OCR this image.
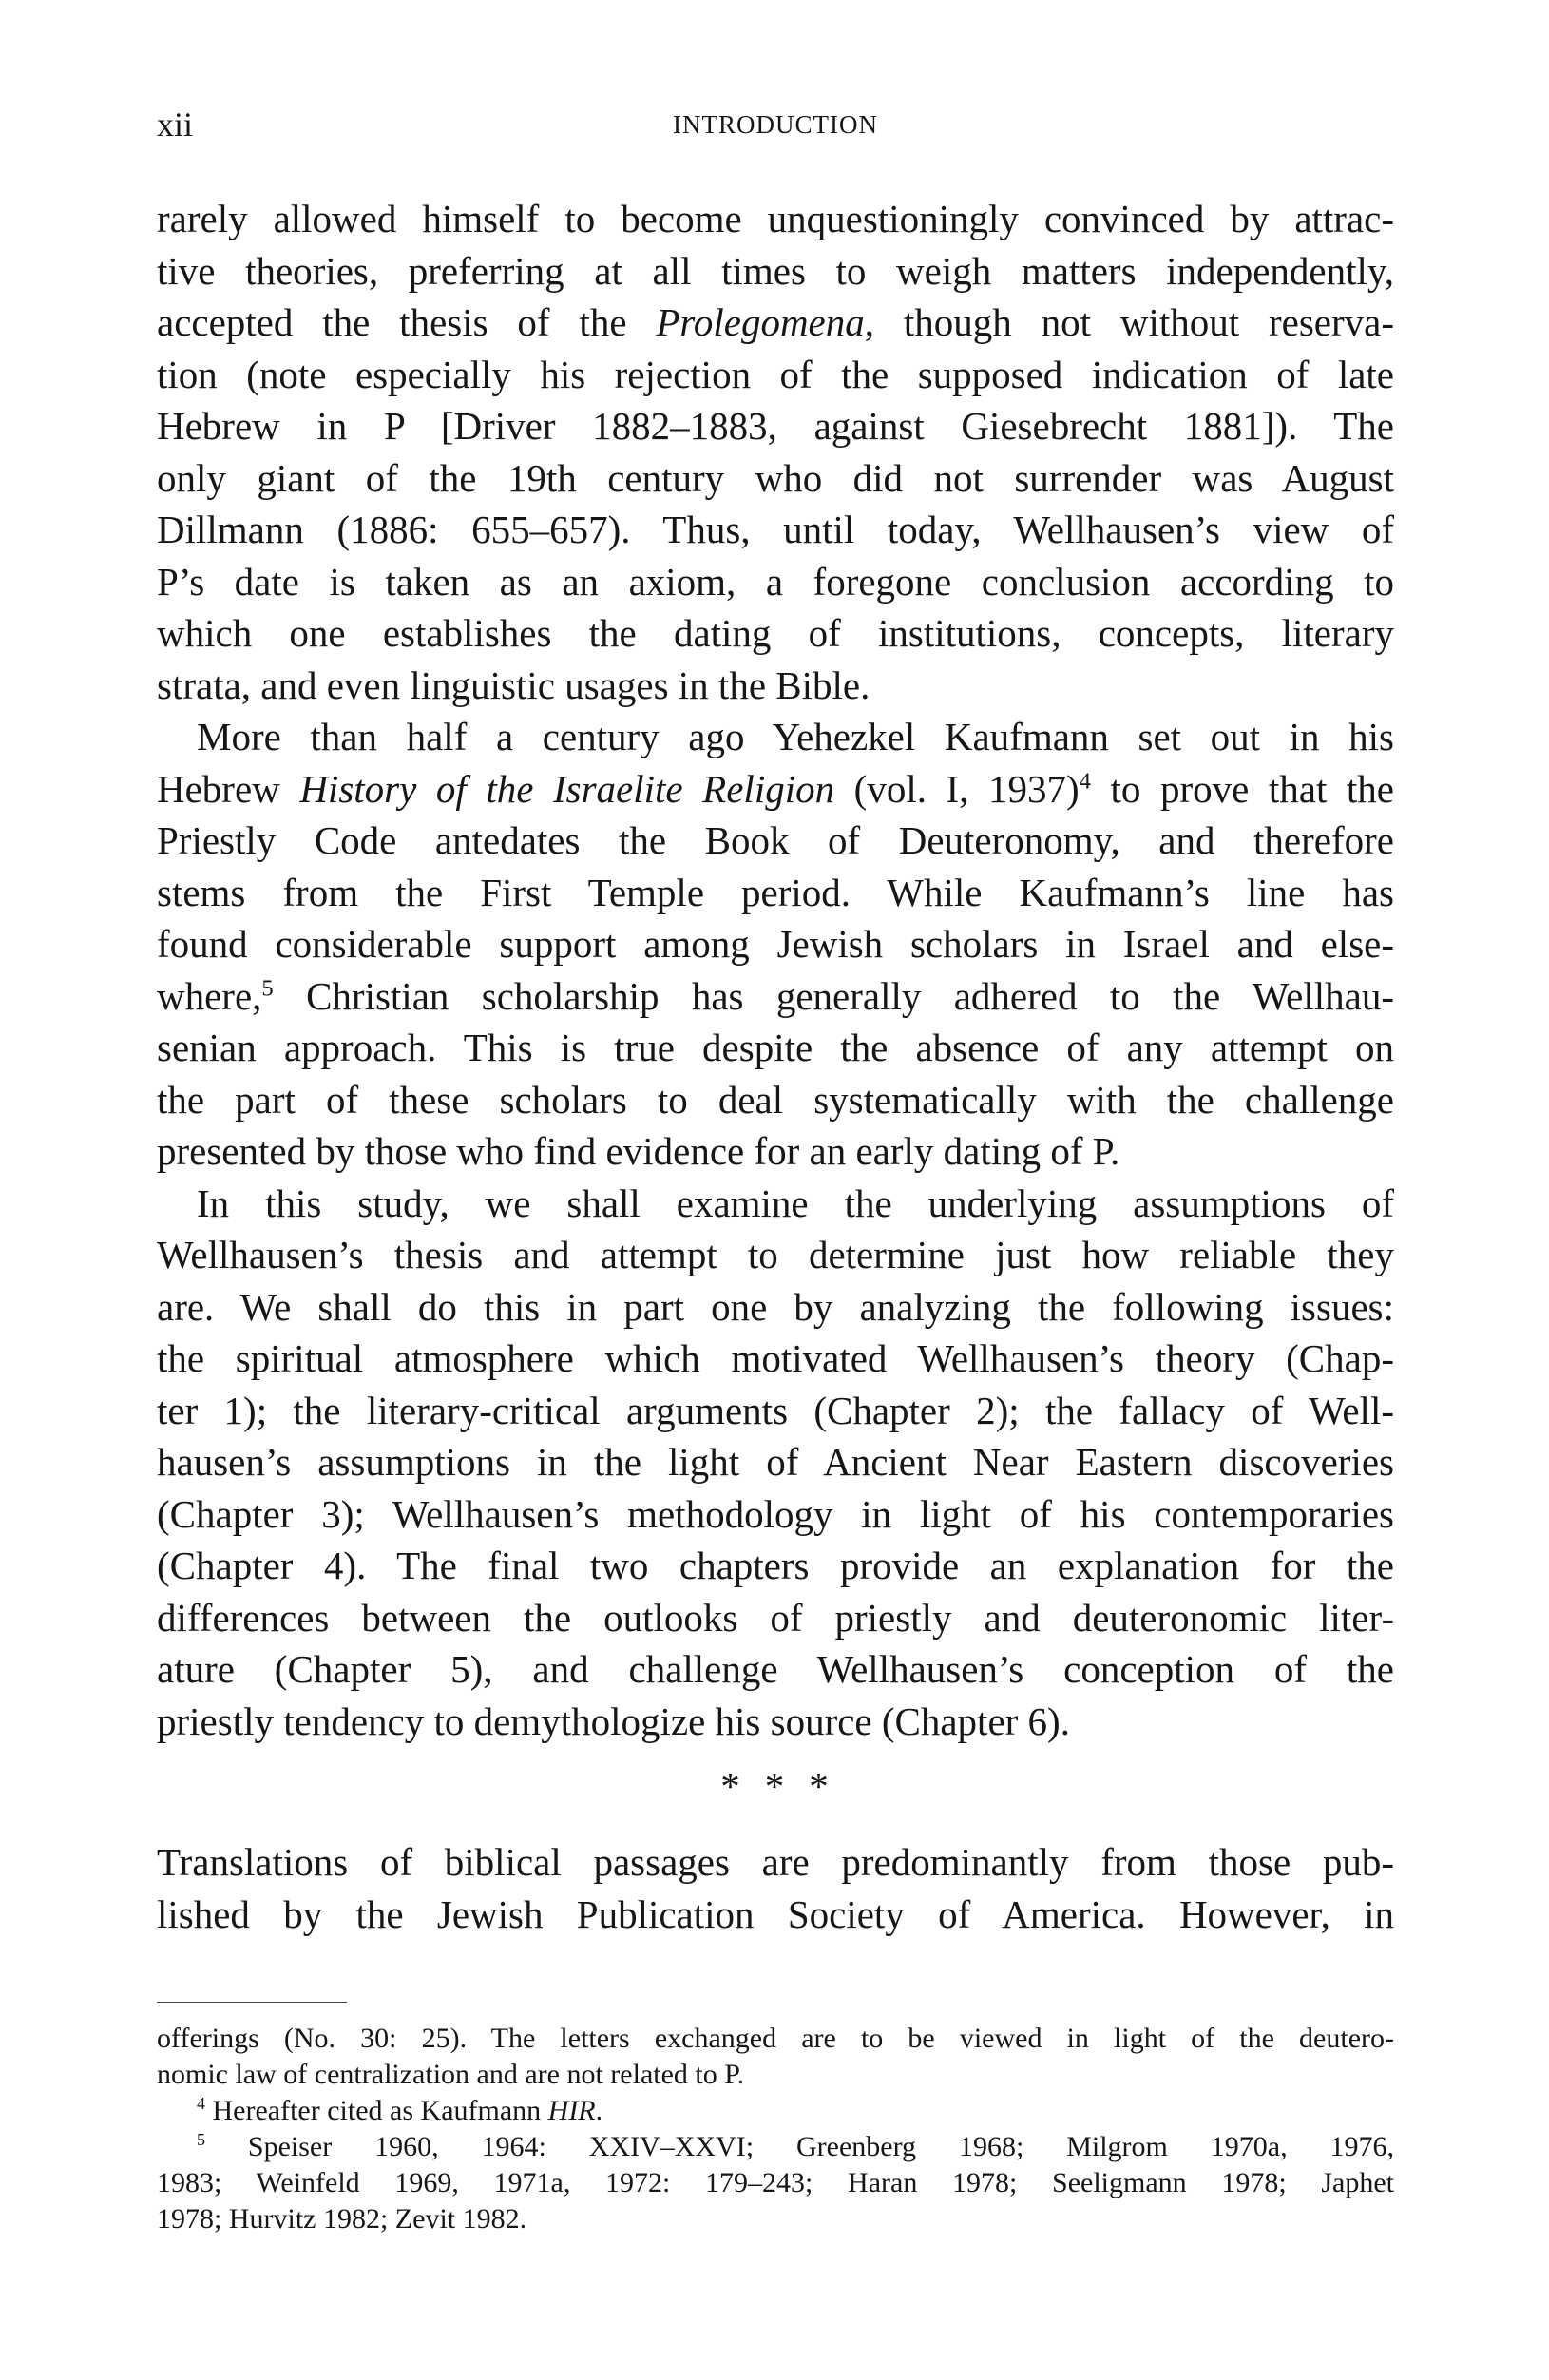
xii	INTRODUCTION
rarely allowed himself to become unquestioningly convinced by attrac-
tive theories, preferring at all times to weigh matters independently,
accepted the thesis of the Prolegomena, though not without reserva-
tion (note especially his rejection of the supposed indication of late
Hebrew in P [Driver 1882–1883, against Giesebrecht 1881]). The
only giant of the 19th century who did not surrender was August
Dillmann (1886: 655–657). Thus, until today, Wellhausen’s view of
P’s date is taken as an axiom, a foregone conclusion according to
which one establishes the dating of institutions, concepts, literary
strata, and even linguistic usages in the Bible.
More than half a century ago Yehezkel Kaufmann set out in his
Hebrew History of the Israelite Religion (vol. I, 1937)$^4$ to prove that the
Priestly Code antedates the Book of Deuteronomy, and therefore
stems from the First Temple period. While Kaufmann’s line has
found considerable support among Jewish scholars in Israel and else-
where,$^5$ Christian scholarship has generally adhered to the Wellhau-
senian approach. This is true despite the absence of any attempt on
the part of these scholars to deal systematically with the challenge
presented by those who find evidence for an early dating of P.
In this study, we shall examine the underlying assumptions of
Wellhausen’s thesis and attempt to determine just how reliable they
are. We shall do this in part one by analyzing the following issues:
the spiritual atmosphere which motivated Wellhausen’s theory (Chap-
ter 1); the literary-critical arguments (Chapter 2); the fallacy of Well-
hausen’s assumptions in the light of Ancient Near Eastern discoveries
(Chapter 3); Wellhausen’s methodology in light of his contemporaries
(Chapter 4). The final two chapters provide an explanation for the
differences between the outlooks of priestly and deuteronomic liter-
ature (Chapter 5), and challenge Wellhausen’s conception of the
priestly tendency to demythologize his source (Chapter 6).
* * *
Translations of biblical passages are predominantly from those pub-
lished by the Jewish Publication Society of America. However, in
offerings (No. 30: 25). The letters exchanged are to be viewed in light of the deutero-
nomic law of centralization and are not related to P.
$^4$ Hereafter cited as Kaufmann HIR.
$^5$ Speiser 1960, 1964: XXIV–XXVI; Greenberg 1968; Milgrom 1970a, 1976,
1983; Weinfeld 1969, 1971a, 1972: 179–243; Haran 1978; Seeligmann 1978; Japhet
1978; Hurvitz 1982; Zevit 1982.
